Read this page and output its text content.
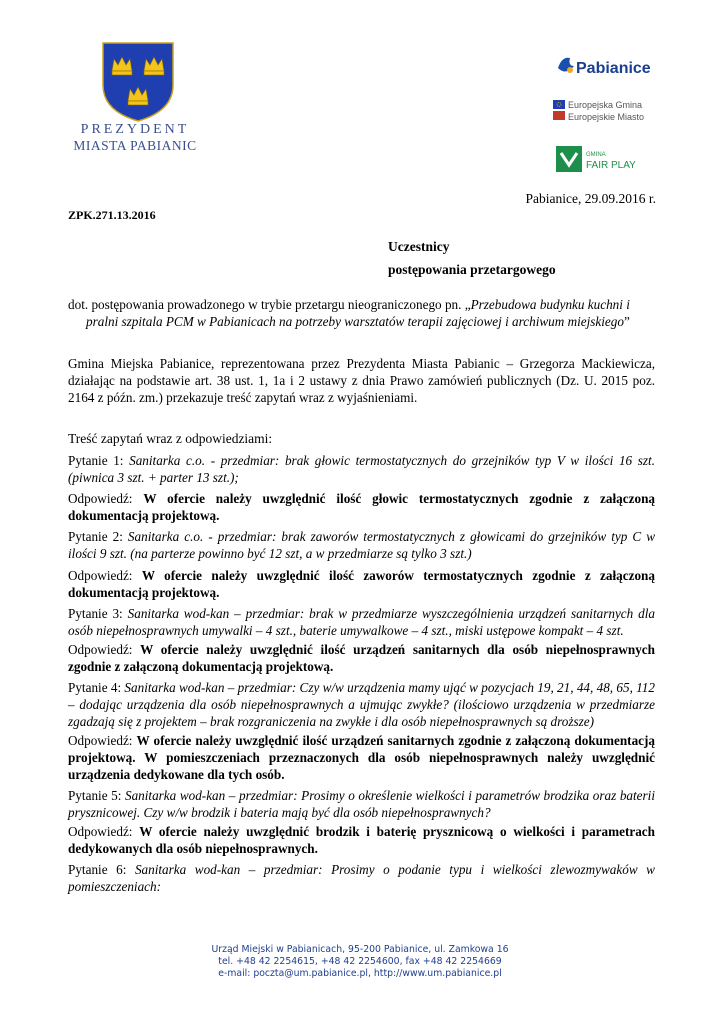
PREZYDENT
MIASTA PABIANIC
Pabianice
Europejska Gmina
Europejskie Miasto
GMINA
FAIR PLAY
Pabianice, 29.09.2016 r.
ZPK.271.13.2016
Uczestnicy
postępowania przetargowego
dot. postępowania prowadzonego w trybie przetargu nieograniczonego pn. „Przebudowa budynku kuchni i
pralni szpitala PCM w Pabianicach na potrzeby warsztatów terapii zajęciowej i archiwum miejskiego”
Gmina Miejska Pabianice, reprezentowana przez Prezydenta Miasta Pabianic – Grzegorza Mackiewicza, działając na podstawie art. 38 ust. 1, 1a i 2 ustawy z dnia Prawo zamówień publicznych (Dz. U. 2015 poz. 2164 z późn. zm.) przekazuje treść zapytań wraz z wyjaśnieniami.
Treść zapytań wraz z odpowiedziami:

Pytanie 1: Sanitarka c.o. - przedmiar: brak głowic termostatycznych do grzejników typ V w ilości 16 szt. (piwnica 3 szt. + parter 13 szt.);

Odpowiedź: W ofercie należy uwzględnić ilość głowic termostatycznych zgodnie z załączoną dokumentacją projektową.

Pytanie 2: Sanitarka c.o. - przedmiar: brak zaworów termostatycznych z głowicami do grzejników typ C w ilości 9 szt. (na parterze powinno być 12 szt, a w przedmiarze są tylko 3 szt.)

Odpowiedź: W ofercie należy uwzględnić ilość zaworów termostatycznych zgodnie z załączoną dokumentacją projektową.

Pytanie 3: Sanitarka wod-kan – przedmiar: brak w przedmiarze wyszczególnienia urządzeń sanitarnych dla osób niepełnosprawnych umywalki – 4 szt., baterie umywalkowe – 4 szt., miski ustępowe kompakt – 4 szt.

Odpowiedź: W ofercie należy uwzględnić ilość urządzeń sanitarnych dla osób niepełnosprawnych zgodnie z załączoną dokumentacją projektową.

Pytanie 4: Sanitarka wod-kan – przedmiar: Czy w/w urządzenia mamy ująć w pozycjach 19, 21, 44, 48, 65, 112 – dodając urządzenia dla osób niepełnosprawnych a ujmując zwykłe? (ilościowo urządzenia w przedmiarze zgadzają się z projektem – brak rozgraniczenia na zwykłe i dla osób niepełnosprawnych są droższe)

Odpowiedź: W ofercie należy uwzględnić ilość urządzeń sanitarnych zgodnie z załączoną dokumentacją projektową. W pomieszczeniach przeznaczonych dla osób niepełnosprawnych należy uwzględnić urządzenia dedykowane dla tych osób.

Pytanie 5: Sanitarka wod-kan – przedmiar: Prosimy o określenie wielkości i parametrów brodzika oraz baterii prysznicowej. Czy w/w brodzik i bateria mają być dla osób niepełnosprawnych?

Odpowiedź: W ofercie należy uwzględnić brodzik i baterię prysznicową o wielkości i parametrach dedykowanych dla osób niepełnosprawnych.

Pytanie 6: Sanitarka wod-kan – przedmiar: Prosimy o podanie typu i wielkości zlewozmywaków w pomieszczeniach:

Urząd Miejski w Pabianicach, 95-200 Pabianice, ul. Zamkowa 16
tel. +48 42 2254615, +48 42 2254600, fax +48 42 2254669
e-mail: poczta@um.pabianice.pl, http://www.um.pabianice.pl
